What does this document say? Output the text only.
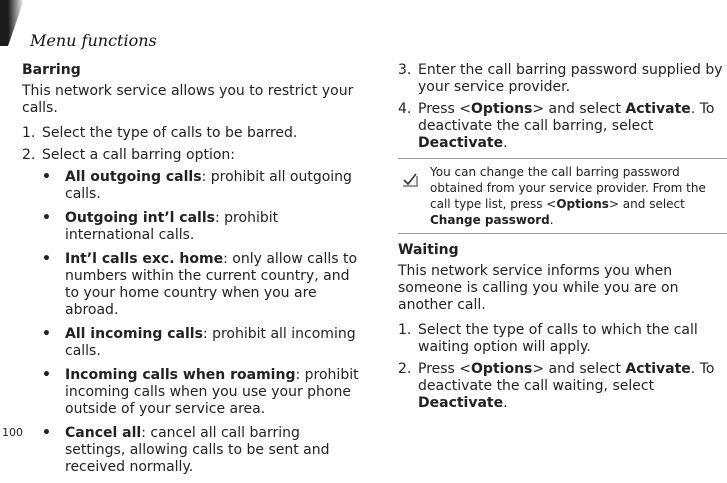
Menu functions
Barring
This network service allows you to restrict your calls.
1. Select the type of calls to be barred.
2. Select a call barring option:
•	All outgoing calls: prohibit all outgoing calls.
•	Outgoing int’l calls: prohibit international calls.
•	Int’l calls exc. home: only allow calls to numbers within the current country, and to your home country when you are abroad.
•	All incoming calls: prohibit all incoming calls.
•	Incoming calls when roaming: prohibit incoming calls when you use your phone outside of your service area.
•	Cancel all: cancel all call barring settings, allowing calls to be sent and received normally.
3. Enter the call barring password supplied by your service provider.
4. Press <Options> and select Activate. To deactivate the call barring, select Deactivate.
You can change the call barring password obtained from your service provider. From the call type list, press <Options> and select Change password.
Waiting
This network service informs you when someone is calling you while you are on another call.
1. Select the type of calls to which the call waiting option will apply.
2. Press <Options> and select Activate. To deactivate the call waiting, select Deactivate.
100
